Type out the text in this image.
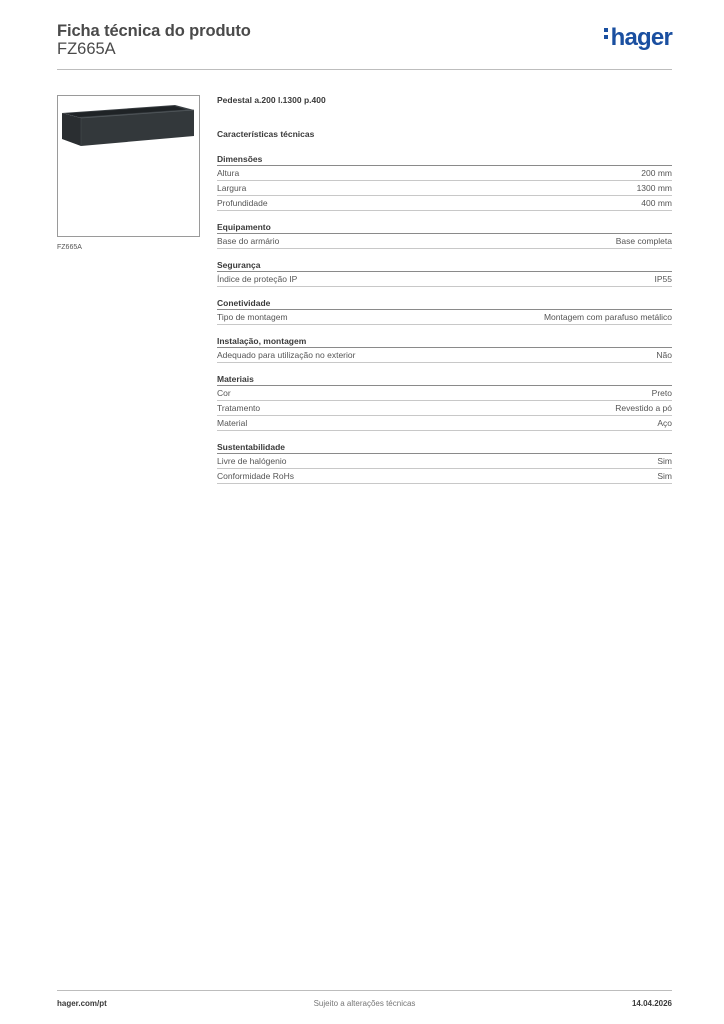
Ficha técnica do produto
FZ665A	hager
FZ665A
Pedestal a.200 l.1300 p.400
Características técnicas
Dimensões
Altura	200 mm
Largura	1300 mm
Profundidade	400 mm
Equipamento
Base do armário	Base completa
Segurança
Índice de proteção IP	IP55
Conetividade
Tipo de montagem	Montagem com parafuso metálico
Instalação, montagem
Adequado para utilização no exterior	Não
Materiais
Cor	Preto
Tratamento	Revestido a pó
Material	Aço
Sustentabilidade
Livre de halógenio	Sim
Conformidade RoHs	Sim
hager.com/pt	Sujeito a alterações técnicas	14.04.2026
